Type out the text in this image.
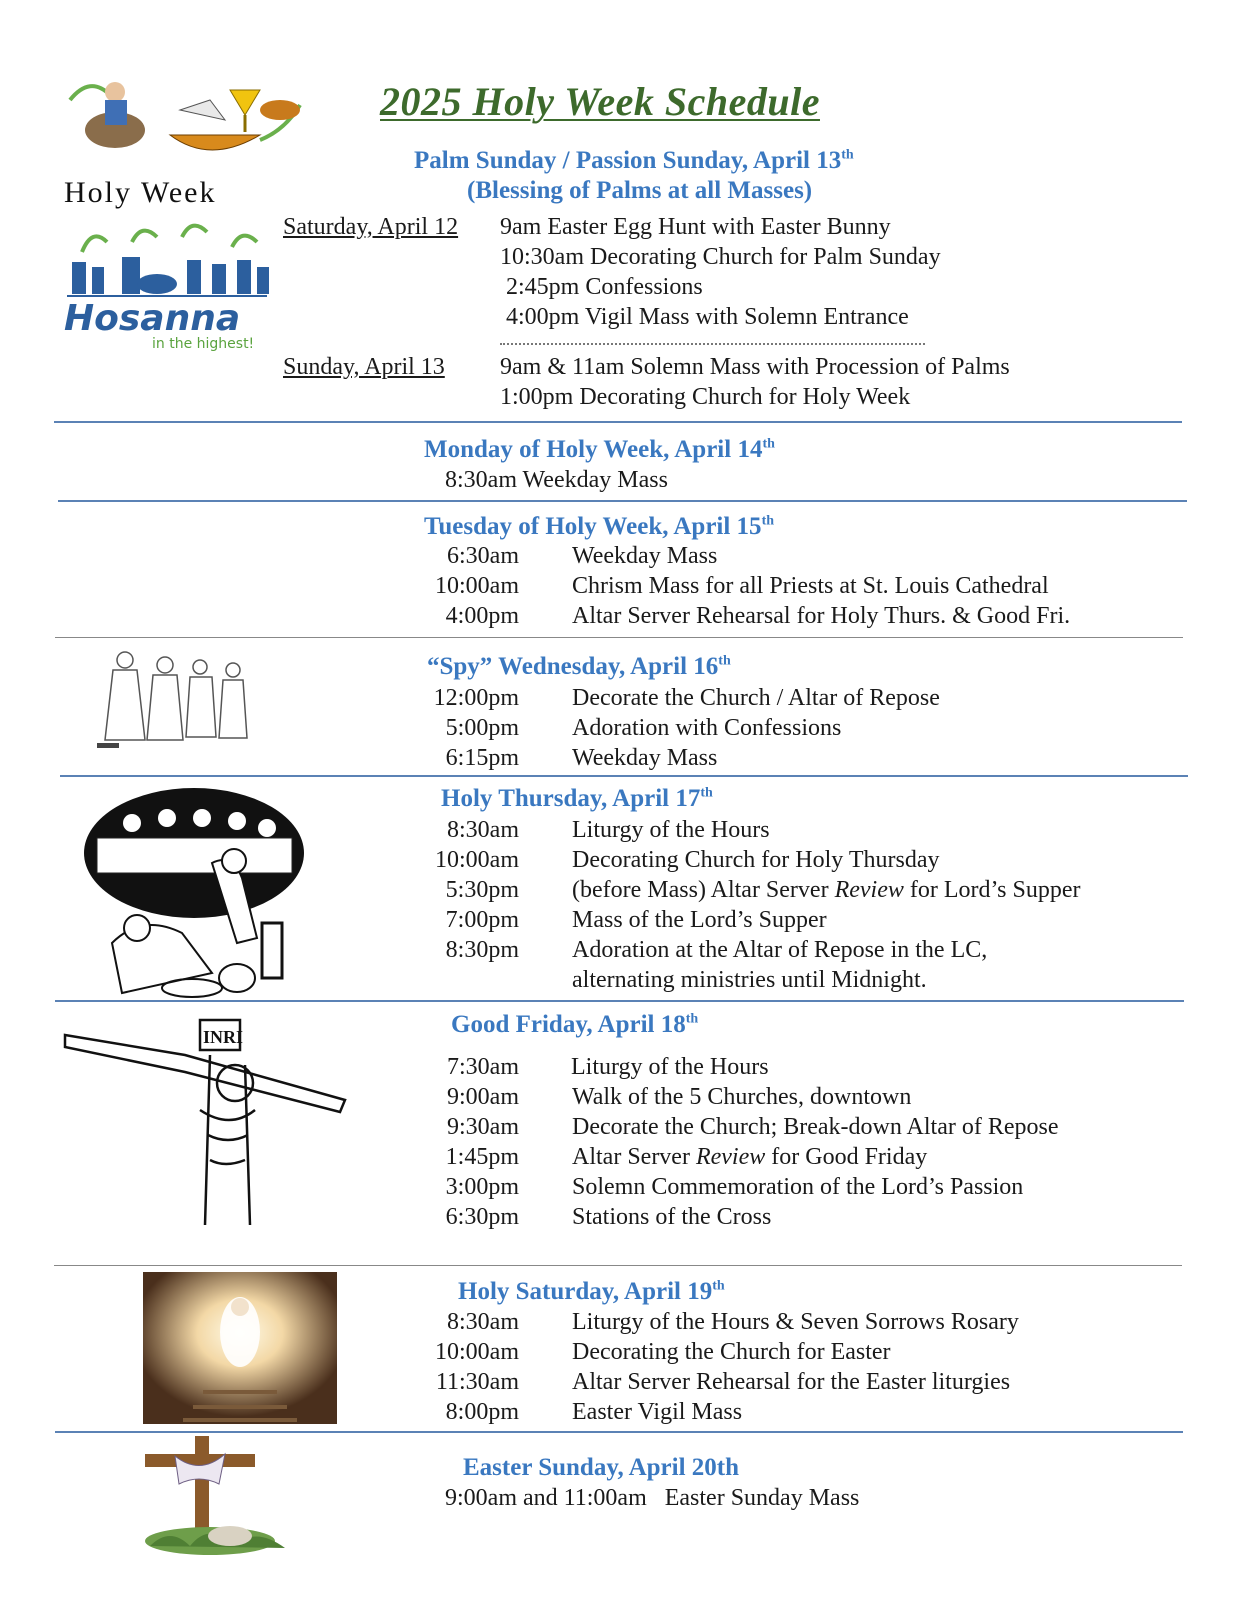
2025 Holy Week Schedule
Holy Week
Hosanna
in the highest!
Palm Sunday / Passion Sunday, April 13th
(Blessing of Palms at all Masses)
Saturday, April 12 9am Easter Egg Hunt with Easter Bunny
10:30am Decorating Church for Palm Sunday
2:45pm Confessions
4:00pm Vigil Mass with Solemn Entrance
Sunday, April 13 9am & 11am Solemn Mass with Procession of Palms
1:00pm Decorating Church for Holy Week
Monday of Holy Week, April 14th
8:30am Weekday Mass
Tuesday of Holy Week, April 15th
6:30am Weekday Mass
10:00am Chrism Mass for all Priests at St. Louis Cathedral
4:00pm Altar Server Rehearsal for Holy Thurs. & Good Fri.
“Spy” Wednesday, April 16th
12:00pm Decorate the Church / Altar of Repose
5:00pm Adoration with Confessions
6:15pm Weekday Mass
Holy Thursday, April 17th
8:30am Liturgy of the Hours
10:00am Decorating Church for Holy Thursday
5:30pm (before Mass) Altar Server Review for Lord’s Supper
7:00pm Mass of the Lord’s Supper
8:30pm Adoration at the Altar of Repose in the LC,
alternating ministries until Midnight.
INRI	Good Friday, April 18th
7:30am Liturgy of the Hours
9:00am Walk of the 5 Churches, downtown
9:30am Decorate the Church; Break-down Altar of Repose
1:45pm Altar Server Review for Good Friday
3:00pm Solemn Commemoration of the Lord’s Passion
6:30pm Stations of the Cross
Holy Saturday, April 19th
8:30am Liturgy of the Hours & Seven Sorrows Rosary
10:00am Decorating the Church for Easter
11:30am Altar Server Rehearsal for the Easter liturgies
8:00pm Easter Vigil Mass
Easter Sunday, April 20th
9:00am and 11:00am   Easter Sunday Mass
